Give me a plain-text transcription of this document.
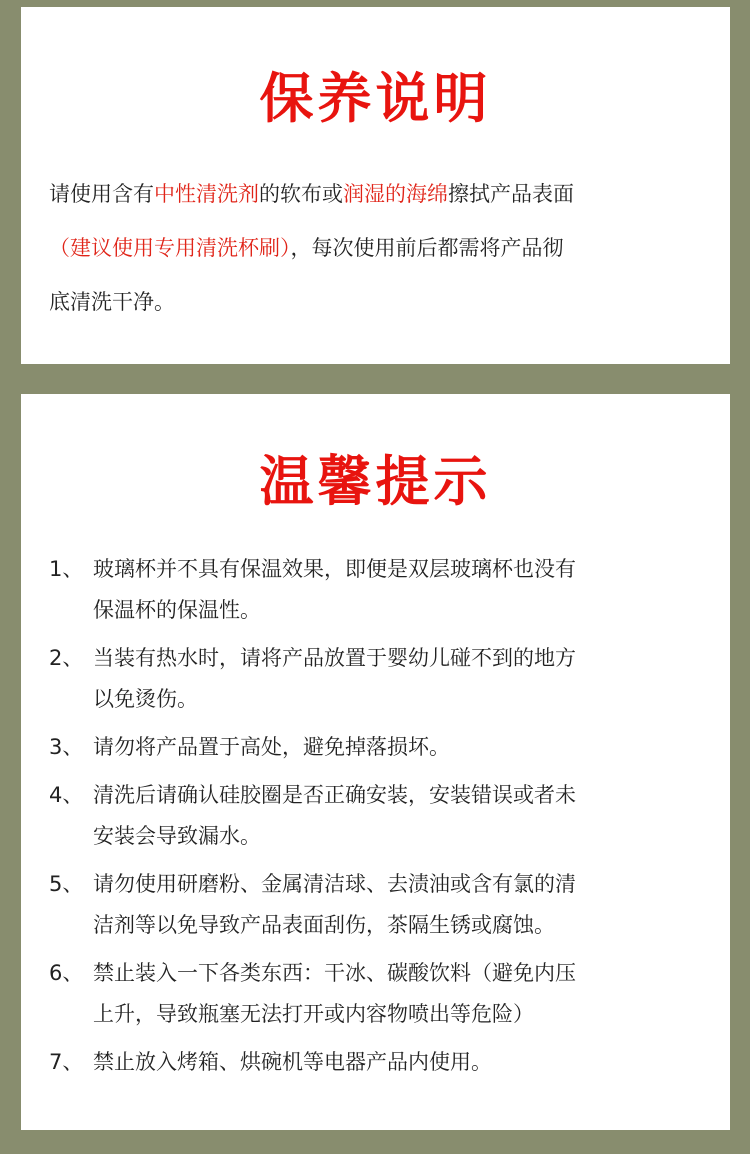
保养说明

请使用含有中性清洗剂的软布或润湿的海绵擦拭产品表面
（建议使用专用清洗杯刷），每次使用前后都需将产品彻
底清洗干净。

温馨提示
1、 玻璃杯并不具有保温效果，即便是双层玻璃杯也没有
保温杯的保温性。
2、 当装有热水时，请将产品放置于婴幼儿碰不到的地方
以免烫伤。
3、 请勿将产品置于高处，避免掉落损坏。
4、 清洗后请确认硅胶圈是否正确安装，安装错误或者未
安装会导致漏水。
5、 请勿使用研磨粉、金属清洁球、去渍油或含有氯的清
洁剂等以免导致产品表面刮伤，茶隔生锈或腐蚀。
6、 禁止装入一下各类东西：干冰、碳酸饮料（避免内压
上升，导致瓶塞无法打开或内容物喷出等危险）
7、 禁止放入烤箱、烘碗机等电器产品内使用。
